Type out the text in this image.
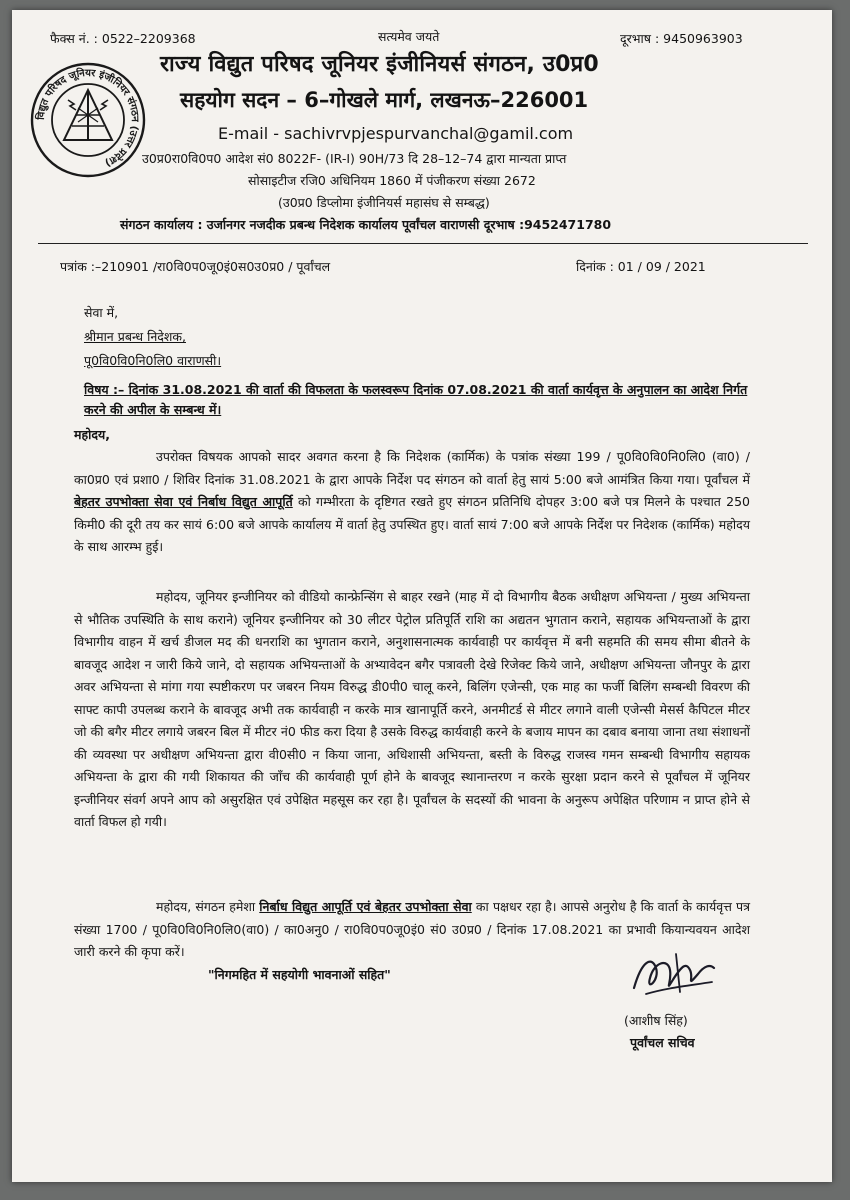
फैक्स नं. : 0522–2209368	सत्यमेव जयते	दूरभाष : 9450963903
विद्युत परिषद जूनियर इंजीनियर संगठन (उत्तर प्रदेश)
राज्य विद्युत परिषद जूनियर इंजीनियर्स संगठन, उ0प्र0
सहयोग सदन – 6–गोखले मार्ग, लखनऊ–226001
E-mail - sachivrvpjespurvanchal@gamil.com
उ0प्र0रा0वि0प0 आदेश सं0 8022F- (IR-I) 90H/73 दि 28–12–74 द्वारा मान्यता प्राप्त
सोसाइटीज रजि0 अधिनियम 1860 में पंजीकरण संख्या 2672
(उ0प्र0 डिप्लोमा इंजीनियर्स महासंघ से सम्बद्ध)
संगठन कार्यालय : उर्जानगर नजदीक प्रबन्ध निदेशक कार्यालय पूर्वांचल वाराणसी दूरभाष :9452471780
पत्रांक :–210901 /रा0वि0प0जू0इं0स0उ0प्र0 / पूर्वांचल	दिनांक : 01 / 09 / 2021
सेवा में,
श्रीमान प्रबन्ध निदेशक,
पू0वि0वि0नि0लि0 वाराणसी।
विषय :– दिनांक 31.08.2021 की वार्ता की विफलता के फलस्वरूप दिनांक 07.08.2021 की वार्ता कार्यवृत्त के अनुपालन का आदेश निर्गत करने की अपील के सम्बन्ध में।
महोदय,
उपरोक्त विषयक आपको सादर अवगत करना है कि निदेशक (कार्मिक) के पत्रांक संख्या 199 / पू0वि0वि0नि0लि0 (वा0) / का0प्र0 एवं प्रशा0 / शिविर दिनांक 31.08.2021 के द्वारा आपके निर्देश पद संगठन को वार्ता हेतु सायं 5:00 बजे आमंत्रित किया गया। पूर्वांचल में बेहतर उपभोक्ता सेवा एवं निर्बाध विद्युत आपूर्ति को गम्भीरता के दृष्टिगत रखते हुए संगठन प्रतिनिधि दोपहर 3:00 बजे पत्र मिलने के पश्चात 250 किमी0 की दूरी तय कर सायं 6:00 बजे आपके कार्यालय में वार्ता हेतु उपस्थित हुए। वार्ता सायं 7:00 बजे आपके निर्देश पर निदेशक (कार्मिक) महोदय के साथ आरम्भ हुई।
महोदय, जूनियर इन्जीनियर को वीडियो कान्फ्रेन्सिंग से बाहर रखने (माह में दो विभागीय बैठक अधीक्षण अभियन्ता / मुख्य अभियन्ता से भौतिक उपस्थिति के साथ कराने) जूनियर इन्जीनियर को 30 लीटर पेट्रोल प्रतिपूर्ति राशि का अद्यतन भुगतान कराने, सहायक अभियन्ताओं के द्वारा विभागीय वाहन में खर्च डीजल मद की धनराशि का भुगतान कराने, अनुशासनात्मक कार्यवाही पर कार्यवृत्त में बनी सहमति की समय सीमा बीतने के बावजूद आदेश न जारी किये जाने, दो सहायक अभियन्ताओं के अभ्यावेदन बगैर पत्रावली देखे रिजेक्ट किये जाने, अधीक्षण अभियन्ता जौनपुर के द्वारा अवर अभियन्ता से मांगा गया स्पष्टीकरण पर जबरन नियम विरुद्ध डी0पी0 चालू करने, बिलिंग एजेन्सी, एक माह का फर्जी बिलिंग सम्बन्धी विवरण की साफ्ट कापी उपलब्ध कराने के बावजूद अभी तक कार्यवाही न करके मात्र खानापूर्ति करने, अनमीटर्ड से मीटर लगाने वाली एजेन्सी मेसर्स कैपिटल मीटर जो की बगैर मीटर लगाये जबरन बिल में मीटर नं0 फीड करा दिया है उसके विरुद्ध कार्यवाही करने के बजाय मापन का दबाव बनाया जाना तथा संशाधनों की व्यवस्था पर अधीक्षण अभियन्ता द्वारा वी0सी0 न किया जाना, अधिशासी अभियन्ता, बस्ती के विरुद्ध राजस्व गमन सम्बन्धी विभागीय सहायक अभियन्ता के द्वारा की गयी शिकायत की जाँच की कार्यवाही पूर्ण होने के बावजूद स्थानान्तरण न करके सुरक्षा प्रदान करने से पूर्वांचल में जूनियर इन्जीनियर संवर्ग अपने आप को असुरक्षित एवं उपेक्षित महसूस कर रहा है। पूर्वांचल के सदस्यों की भावना के अनुरूप अपेक्षित परिणाम न प्राप्त होने से वार्ता विफल हो गयी।
महोदय, संगठन हमेशा निर्बाध विद्युत आपूर्ति एवं बेहतर उपभोक्ता सेवा का पक्षधर रहा है। आपसे अनुरोध है कि वार्ता के कार्यवृत्त पत्र संख्या 1700 / पू0वि0वि0नि0लि0(वा0) / का0अनु0 / रा0वि0प0जू0इं0 सं0 उ0प्र0 / दिनांक 17.08.2021 का प्रभावी कियान्यवयन आदेश जारी करने की कृपा करें।
"निगमहित में सहयोगी भावनाओं सहित"
(आशीष सिंह)
पूर्वांचल सचिव
